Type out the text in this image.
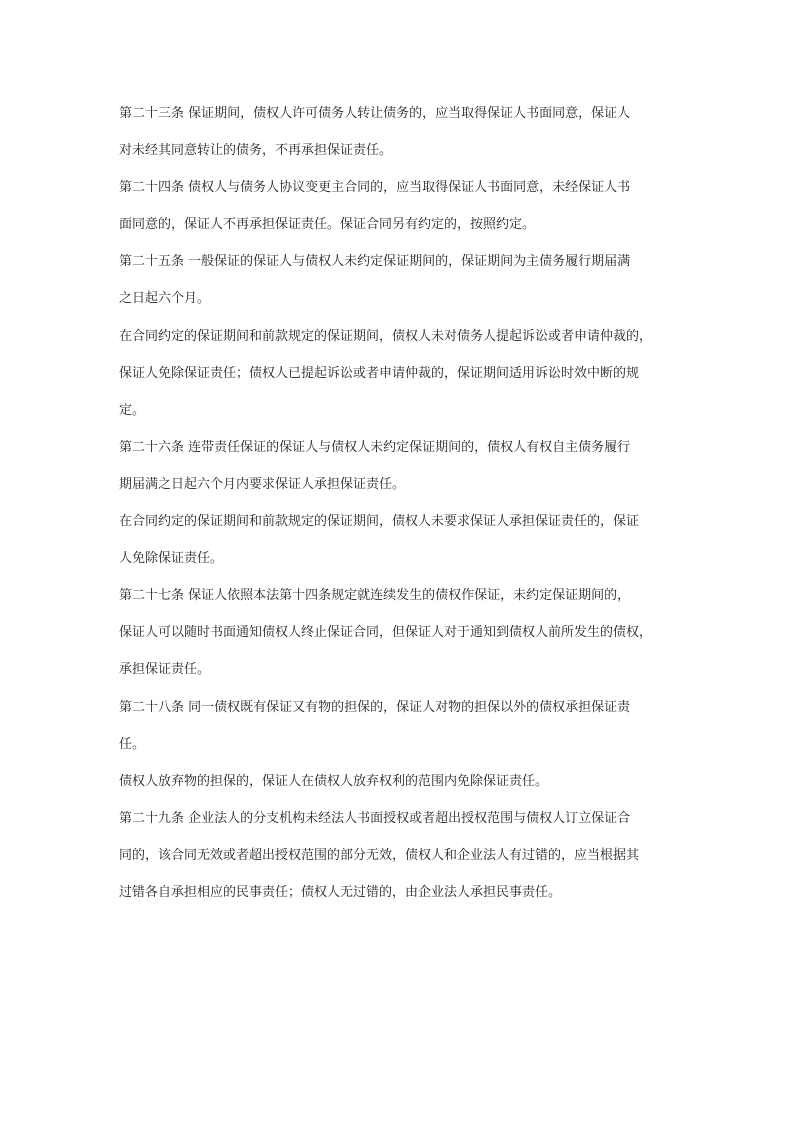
第二十三条 保证期间，债权人许可债务人转让债务的，应当取得保证人书面同意，保证人
对未经其同意转让的债务，不再承担保证责任。
第二十四条 债权人与债务人协议变更主合同的，应当取得保证人书面同意，未经保证人书
面同意的，保证人不再承担保证责任。保证合同另有约定的，按照约定。
第二十五条 一般保证的保证人与债权人未约定保证期间的，保证期间为主债务履行期届满
之日起六个月。
在合同约定的保证期间和前款规定的保证期间，债权人未对债务人提起诉讼或者申请仲裁的，
保证人免除保证责任；债权人已提起诉讼或者申请仲裁的，保证期间适用诉讼时效中断的规
定。
第二十六条 连带责任保证的保证人与债权人未约定保证期间的，债权人有权自主债务履行
期届满之日起六个月内要求保证人承担保证责任。
在合同约定的保证期间和前款规定的保证期间，债权人未要求保证人承担保证责任的，保证
人免除保证责任。
第二十七条 保证人依照本法第十四条规定就连续发生的债权作保证，未约定保证期间的，
保证人可以随时书面通知债权人终止保证合同，但保证人对于通知到债权人前所发生的债权，
承担保证责任。
第二十八条 同一债权既有保证又有物的担保的，保证人对物的担保以外的债权承担保证责
任。
债权人放弃物的担保的，保证人在债权人放弃权利的范围内免除保证责任。
第二十九条 企业法人的分支机构未经法人书面授权或者超出授权范围与债权人订立保证合
同的，该合同无效或者超出授权范围的部分无效，债权人和企业法人有过错的，应当根据其
过错各自承担相应的民事责任；债权人无过错的，由企业法人承担民事责任。
